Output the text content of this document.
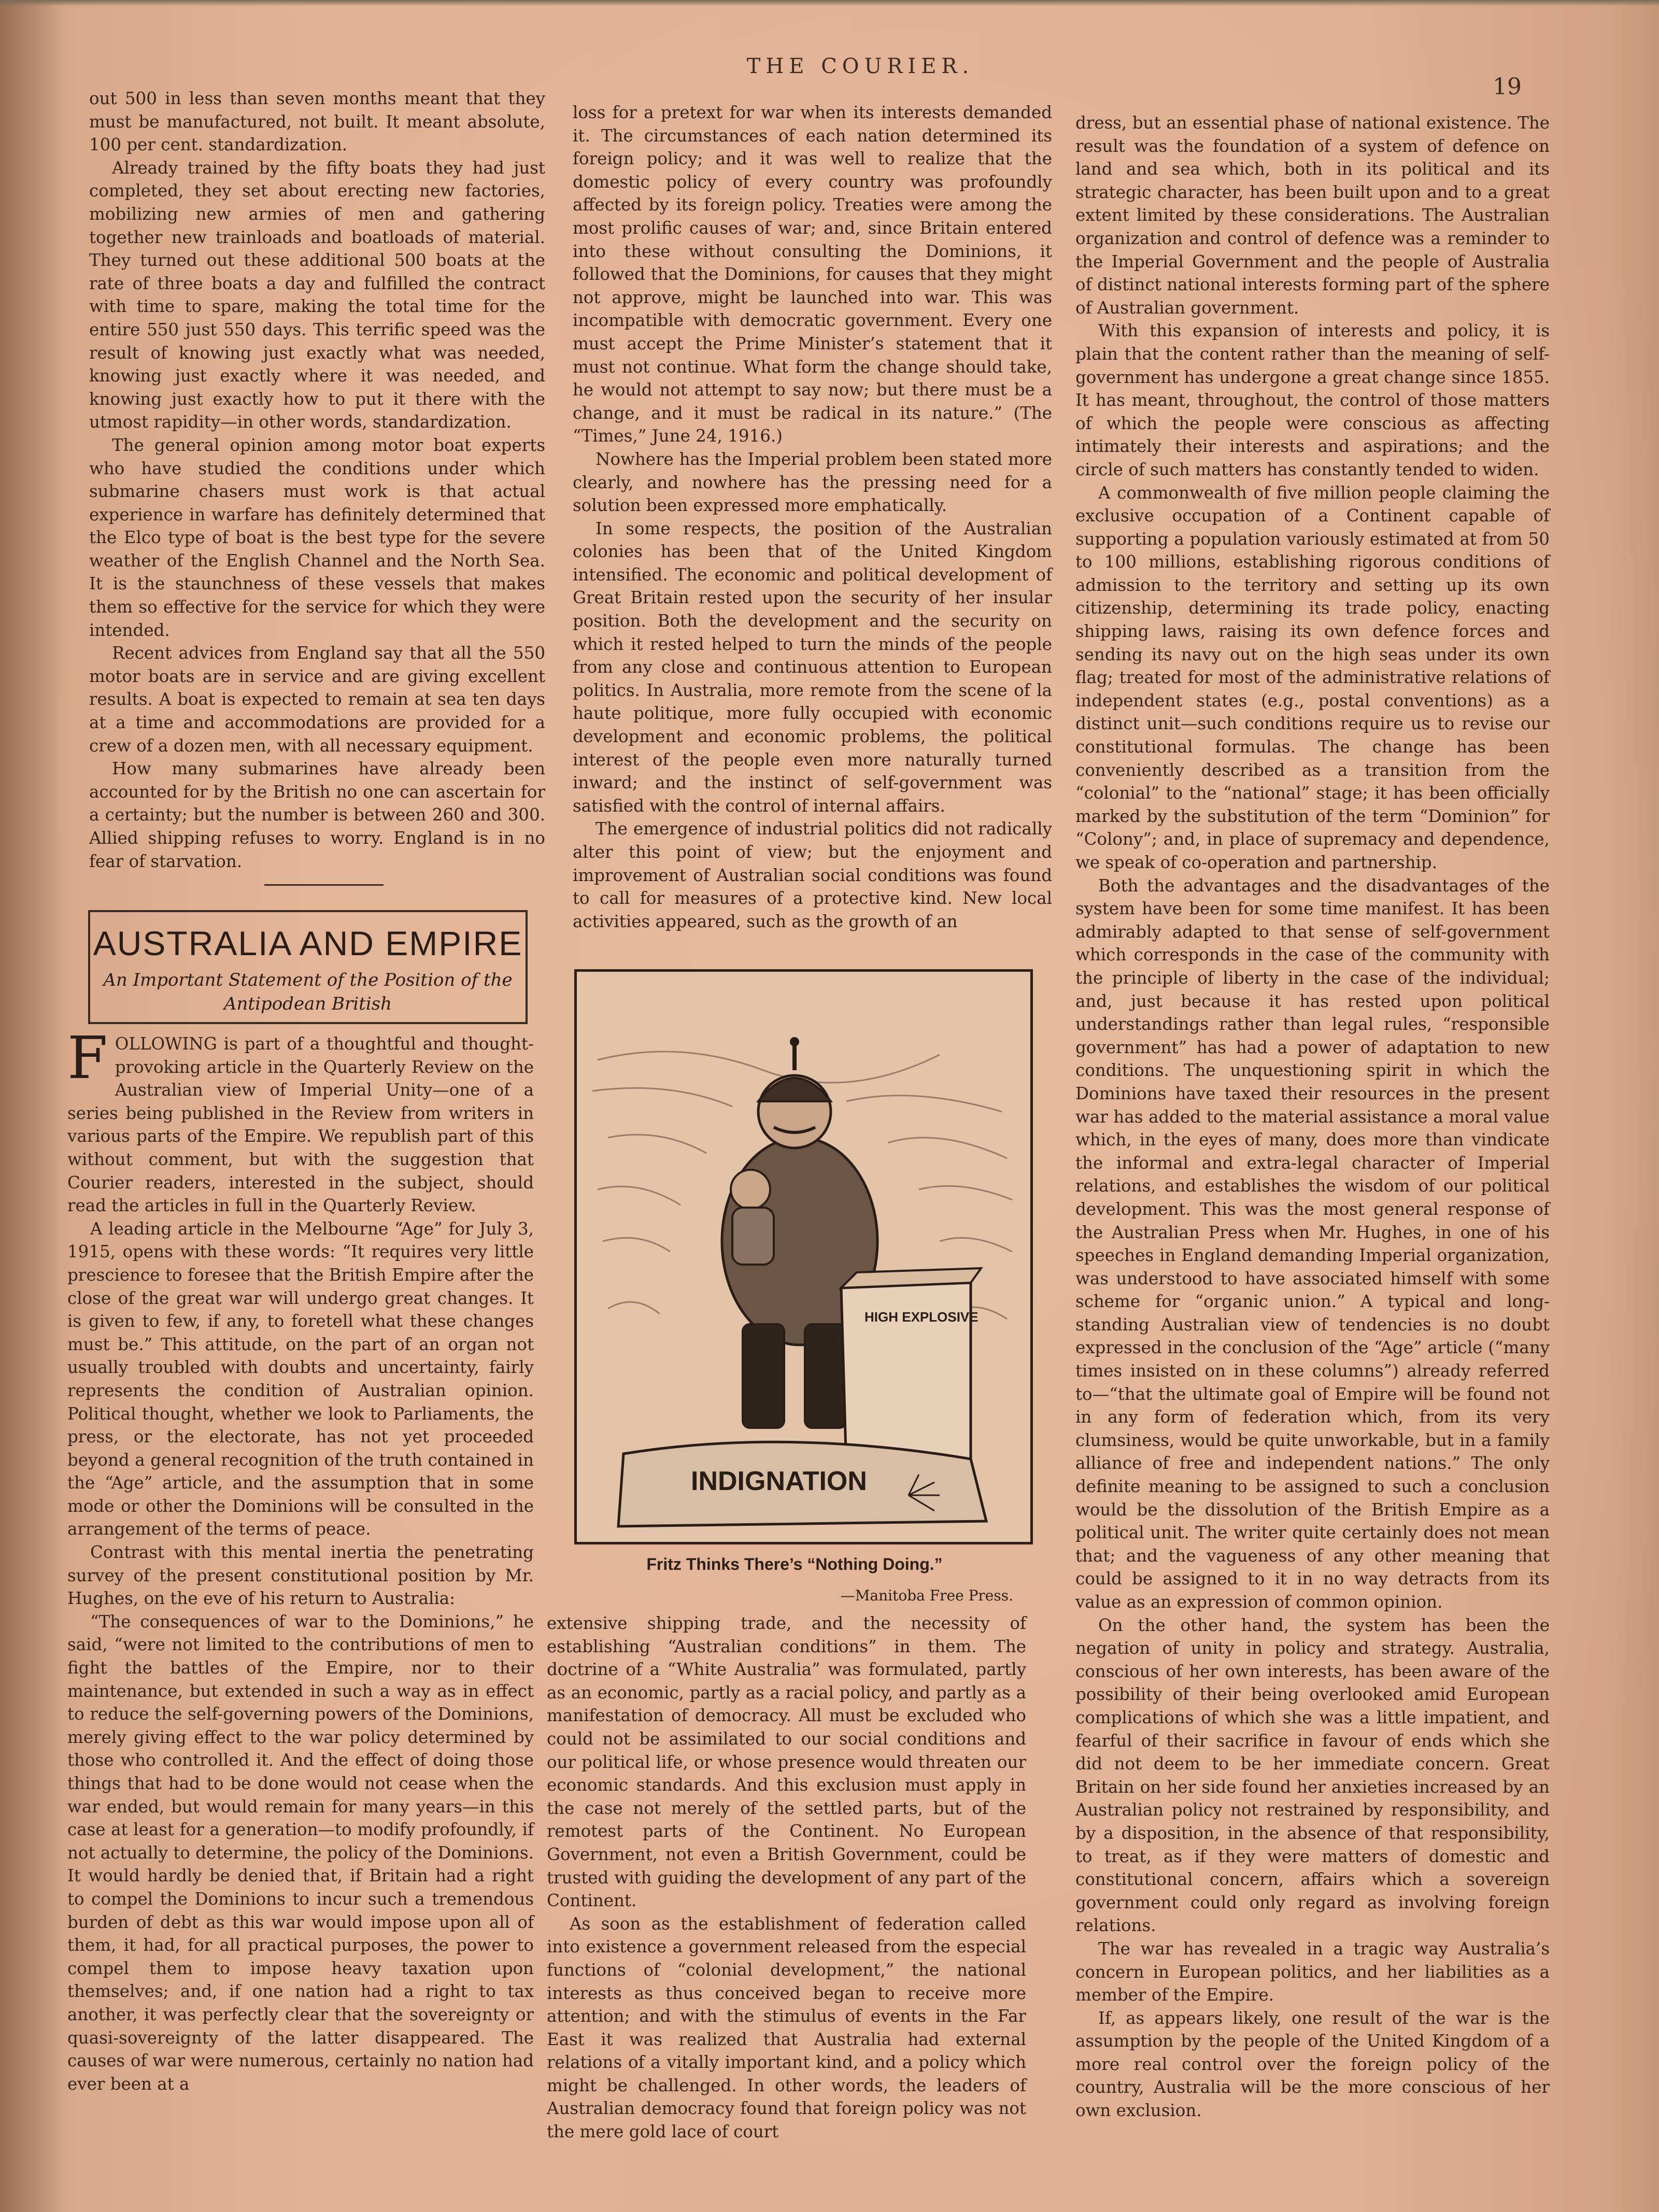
THE COURIER.
19

out 500 in less than seven months meant that they must be manufactured, not built. It meant absolute, 100 per cent. standardization.

Already trained by the fifty boats they had just completed, they set about erecting new factories, mobilizing new armies of men and gathering together new trainloads and boatloads of material. They turned out these additional 500 boats at the rate of three boats a day and fulfilled the contract with time to spare, making the total time for the entire 550 just 550 days. This terrific speed was the result of knowing just exactly what was needed, knowing just exactly where it was needed, and knowing just exactly how to put it there with the utmost rapidity—in other words, standardization.

The general opinion among motor boat experts who have studied the conditions under which submarine chasers must work is that actual experience in warfare has definitely determined that the Elco type of boat is the best type for the severe weather of the English Channel and the North Sea. It is the staunchness of these vessels that makes them so effective for the service for which they were intended.

Recent advices from England say that all the 550 motor boats are in service and are giving excellent results. A boat is expected to remain at sea ten days at a time and accommodations are provided for a crew of a dozen men, with all necessary equipment.

How many submarines have already been accounted for by the British no one can ascertain for a certainty; but the number is between 260 and 300. Allied shipping refuses to worry. England is in no fear of starvation.

AUSTRALIA AND EMPIRE
An Important Statement of the Position of the
Antipodean British

FOLLOWING is part of a thoughtful and thought-provoking article in the Quarterly Review on the Australian view of Imperial Unity—one of a series being published in the Review from writers in various parts of the Empire. We republish part of this without comment, but with the suggestion that Courier readers, interested in the subject, should read the articles in full in the Quarterly Review.

A leading article in the Melbourne “Age” for July 3, 1915, opens with these words: “It requires very little prescience to foresee that the British Empire after the close of the great war will undergo great changes. It is given to few, if any, to foretell what these changes must be.” This attitude, on the part of an organ not usually troubled with doubts and uncertainty, fairly represents the condition of Australian opinion. Political thought, whether we look to Parliaments, the press, or the electorate, has not yet proceeded beyond a general recognition of the truth contained in the “Age” article, and the assumption that in some mode or other the Dominions will be consulted in the arrangement of the terms of peace.

Contrast with this mental inertia the penetrating survey of the present constitutional position by Mr. Hughes, on the eve of his return to Australia:

“The consequences of war to the Dominions,” he said, “were not limited to the contributions of men to fight the battles of the Empire, nor to their maintenance, but extended in such a way as in effect to reduce the self-governing powers of the Dominions, merely giving effect to the war policy determined by those who controlled it. And the effect of doing those things that had to be done would not cease when the war ended, but would remain for many years—in this case at least for a generation—to modify profoundly, if not actually to determine, the policy of the Dominions. It would hardly be denied that, if Britain had a right to compel the Dominions to incur such a tremendous burden of debt as this war would impose upon all of them, it had, for all practical purposes, the power to compel them to impose heavy taxation upon themselves; and, if one nation had a right to tax another, it was perfectly clear that the sovereignty or quasi-sovereignty of the latter disappeared. The causes of war were numerous, certainly no nation had ever been at a

loss for a pretext for war when its interests demanded it. The circumstances of each nation determined its foreign policy; and it was well to realize that the domestic policy of every country was profoundly affected by its foreign policy. Treaties were among the most prolific causes of war; and, since Britain entered into these without consulting the Dominions, it followed that the Dominions, for causes that they might not approve, might be launched into war. This was incompatible with democratic government. Every one must accept the Prime Minister’s statement that it must not continue. What form the change should take, he would not attempt to say now; but there must be a change, and it must be radical in its nature.” (The “Times,” June 24, 1916.)

Nowhere has the Imperial problem been stated more clearly, and nowhere has the pressing need for a solution been expressed more emphatically.

In some respects, the position of the Australian colonies has been that of the United Kingdom intensified. The economic and political development of Great Britain rested upon the security of her insular position. Both the development and the security on which it rested helped to turn the minds of the people from any close and continuous attention to European politics. In Australia, more remote from the scene of la haute politique, more fully occupied with economic development and economic problems, the political interest of the people even more naturally turned inward; and the instinct of self-government was satisfied with the control of internal affairs.

The emergence of industrial politics did not radically alter this point of view; but the enjoyment and improvement of Australian social conditions was found to call for measures of a protective kind. New local activities appeared, such as the growth of an

HIGH EXPLOSIVE
INDIGNATION
Fritz Thinks There’s “Nothing Doing.”
—Manitoba Free Press.

extensive shipping trade, and the necessity of establishing “Australian conditions” in them. The doctrine of a “White Australia” was formulated, partly as an economic, partly as a racial policy, and partly as a manifestation of democracy. All must be excluded who could not be assimilated to our social conditions and our political life, or whose presence would threaten our economic standards. And this exclusion must apply in the case not merely of the settled parts, but of the remotest parts of the Continent. No European Government, not even a British Government, could be trusted with guiding the development of any part of the Continent.

As soon as the establishment of federation called into existence a government released from the especial functions of “colonial development,” the national interests as thus conceived began to receive more attention; and with the stimulus of events in the Far East it was realized that Australia had external relations of a vitally important kind, and a policy which might be challenged. In other words, the leaders of Australian democracy found that foreign policy was not the mere gold lace of court

dress, but an essential phase of national existence. The result was the foundation of a system of defence on land and sea which, both in its political and its strategic character, has been built upon and to a great extent limited by these considerations. The Australian organization and control of defence was a reminder to the Imperial Government and the people of Australia of distinct national interests forming part of the sphere of Australian government.

With this expansion of interests and policy, it is plain that the content rather than the meaning of self-government has undergone a great change since 1855. It has meant, throughout, the control of those matters of which the people were conscious as affecting intimately their interests and aspirations; and the circle of such matters has constantly tended to widen.

A commonwealth of five million people claiming the exclusive occupation of a Continent capable of supporting a population variously estimated at from 50 to 100 millions, establishing rigorous conditions of admission to the territory and setting up its own citizenship, determining its trade policy, enacting shipping laws, raising its own defence forces and sending its navy out on the high seas under its own flag; treated for most of the administrative relations of independent states (e.g., postal conventions) as a distinct unit—such conditions require us to revise our constitutional formulas. The change has been conveniently described as a transition from the “colonial” to the “national” stage; it has been officially marked by the substitution of the term “Dominion” for “Colony”; and, in place of supremacy and dependence, we speak of co-operation and partnership.

Both the advantages and the disadvantages of the system have been for some time manifest. It has been admirably adapted to that sense of self-government which corresponds in the case of the community with the principle of liberty in the case of the individual; and, just because it has rested upon political understandings rather than legal rules, “responsible government” has had a power of adaptation to new conditions. The unquestioning spirit in which the Dominions have taxed their resources in the present war has added to the material assistance a moral value which, in the eyes of many, does more than vindicate the informal and extra-legal character of Imperial relations, and establishes the wisdom of our political development. This was the most general response of the Australian Press when Mr. Hughes, in one of his speeches in England demanding Imperial organization, was understood to have associated himself with some scheme for “organic union.” A typical and long-standing Australian view of tendencies is no doubt expressed in the conclusion of the “Age” article (“many times insisted on in these columns”) already referred to—“that the ultimate goal of Empire will be found not in any form of federation which, from its very clumsiness, would be quite unworkable, but in a family alliance of free and independent nations.” The only definite meaning to be assigned to such a conclusion would be the dissolution of the British Empire as a political unit. The writer quite certainly does not mean that; and the vagueness of any other meaning that could be assigned to it in no way detracts from its value as an expression of common opinion.

On the other hand, the system has been the negation of unity in policy and strategy. Australia, conscious of her own interests, has been aware of the possibility of their being overlooked amid European complications of which she was a little impatient, and fearful of their sacrifice in favour of ends which she did not deem to be her immediate concern. Great Britain on her side found her anxieties increased by an Australian policy not restrained by responsibility, and by a disposition, in the absence of that responsibility, to treat, as if they were matters of domestic and constitutional concern, affairs which a sovereign government could only regard as involving foreign relations.

The war has revealed in a tragic way Australia’s concern in European politics, and her liabilities as a member of the Empire.

If, as appears likely, one result of the war is the assumption by the people of the United Kingdom of a more real control over the foreign policy of the country, Australia will be the more conscious of her own exclusion.
